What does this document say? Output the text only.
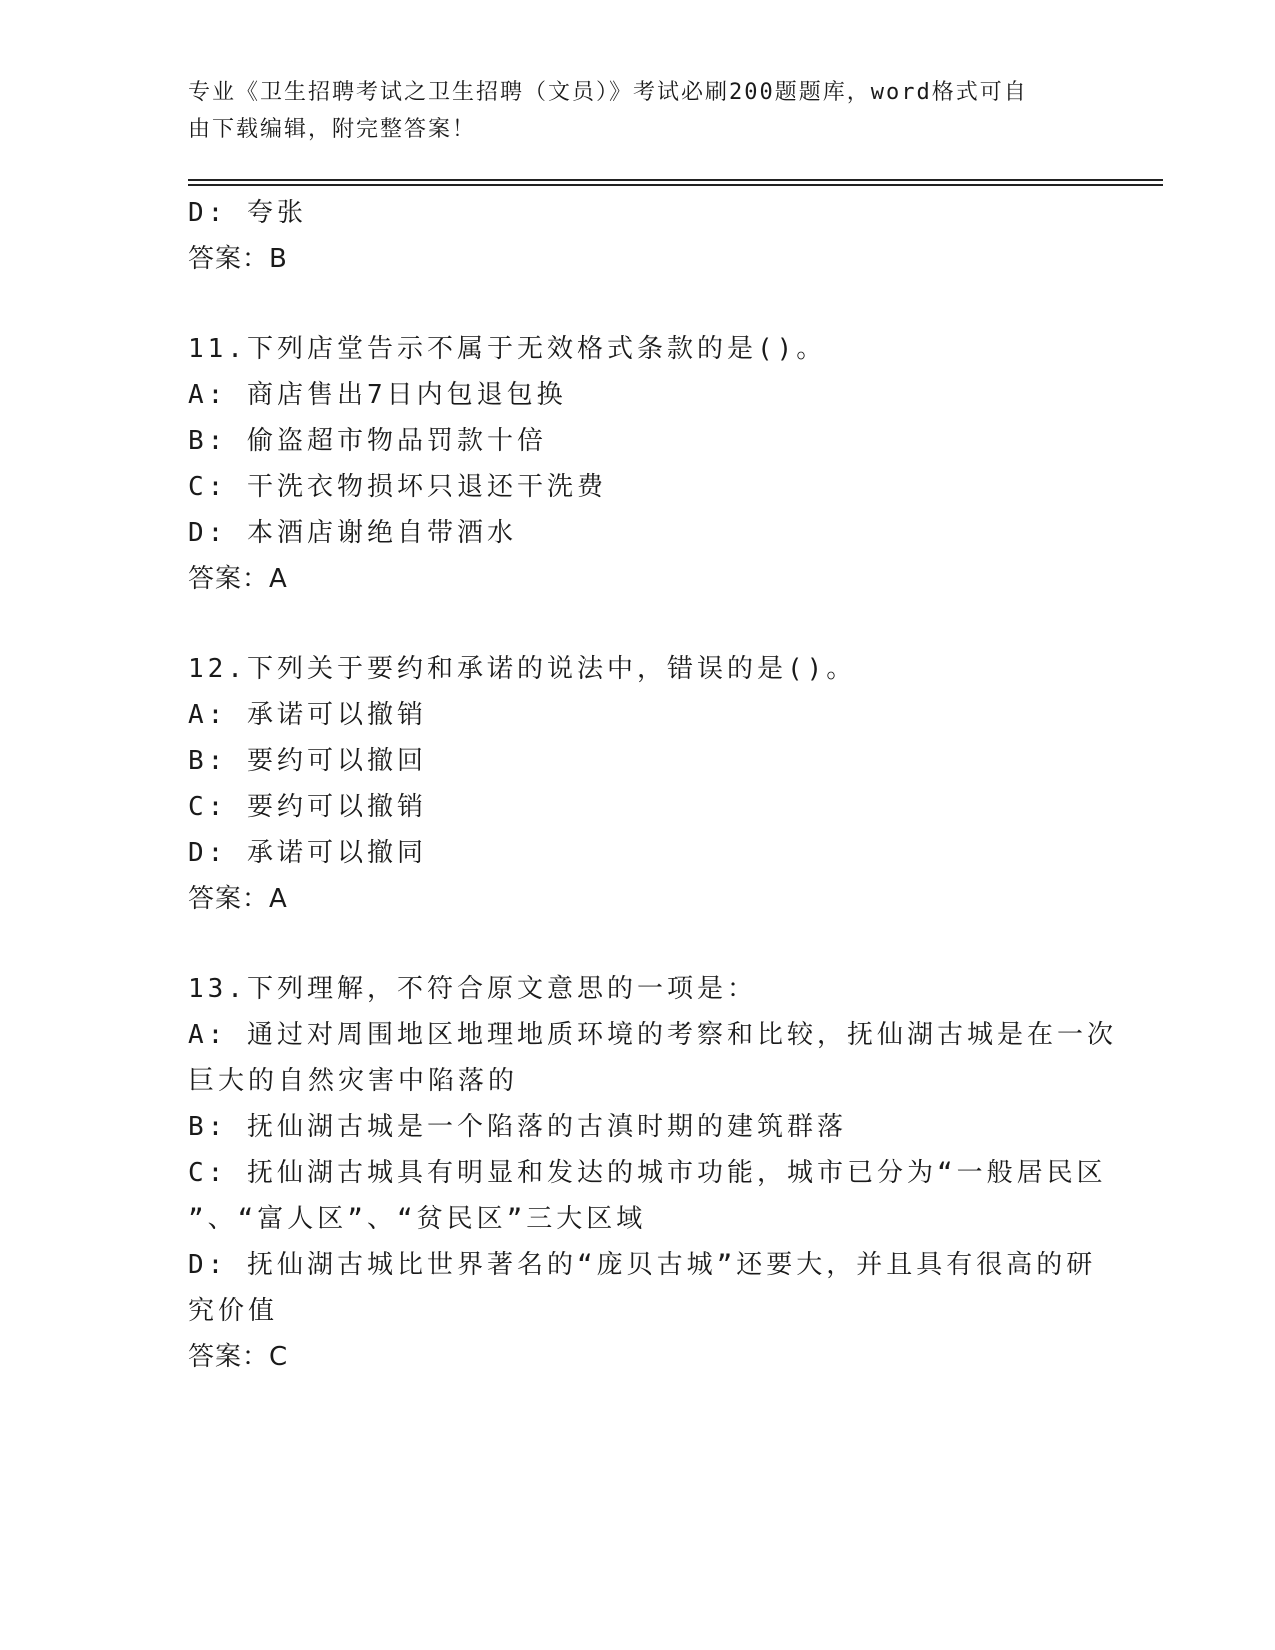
专业《卫生招聘考试之卫生招聘（文员）》考试必刷200题题库，word格式可自
由下载编辑，附完整答案！
D: 夸张
答案：B
11.下列店堂告示不属于无效格式条款的是()。
A: 商店售出7日内包退包换
B: 偷盗超市物品罚款十倍
C: 干洗衣物损坏只退还干洗费
D: 本酒店谢绝自带酒水
答案：A
12.下列关于要约和承诺的说法中，错误的是()。
A: 承诺可以撤销
B: 要约可以撤回
C: 要约可以撤销
D: 承诺可以撤同
答案：A
13.下列理解，不符合原文意思的一项是：
A: 通过对周围地区地理地质环境的考察和比较，抚仙湖古城是在一次
巨大的自然灾害中陷落的
B: 抚仙湖古城是一个陷落的古滇时期的建筑群落
C: 抚仙湖古城具有明显和发达的城市功能，城市已分为“一般居民区
”、“富人区”、“贫民区”三大区域
D: 抚仙湖古城比世界著名的“庞贝古城”还要大，并且具有很高的研
究价值
答案：C
